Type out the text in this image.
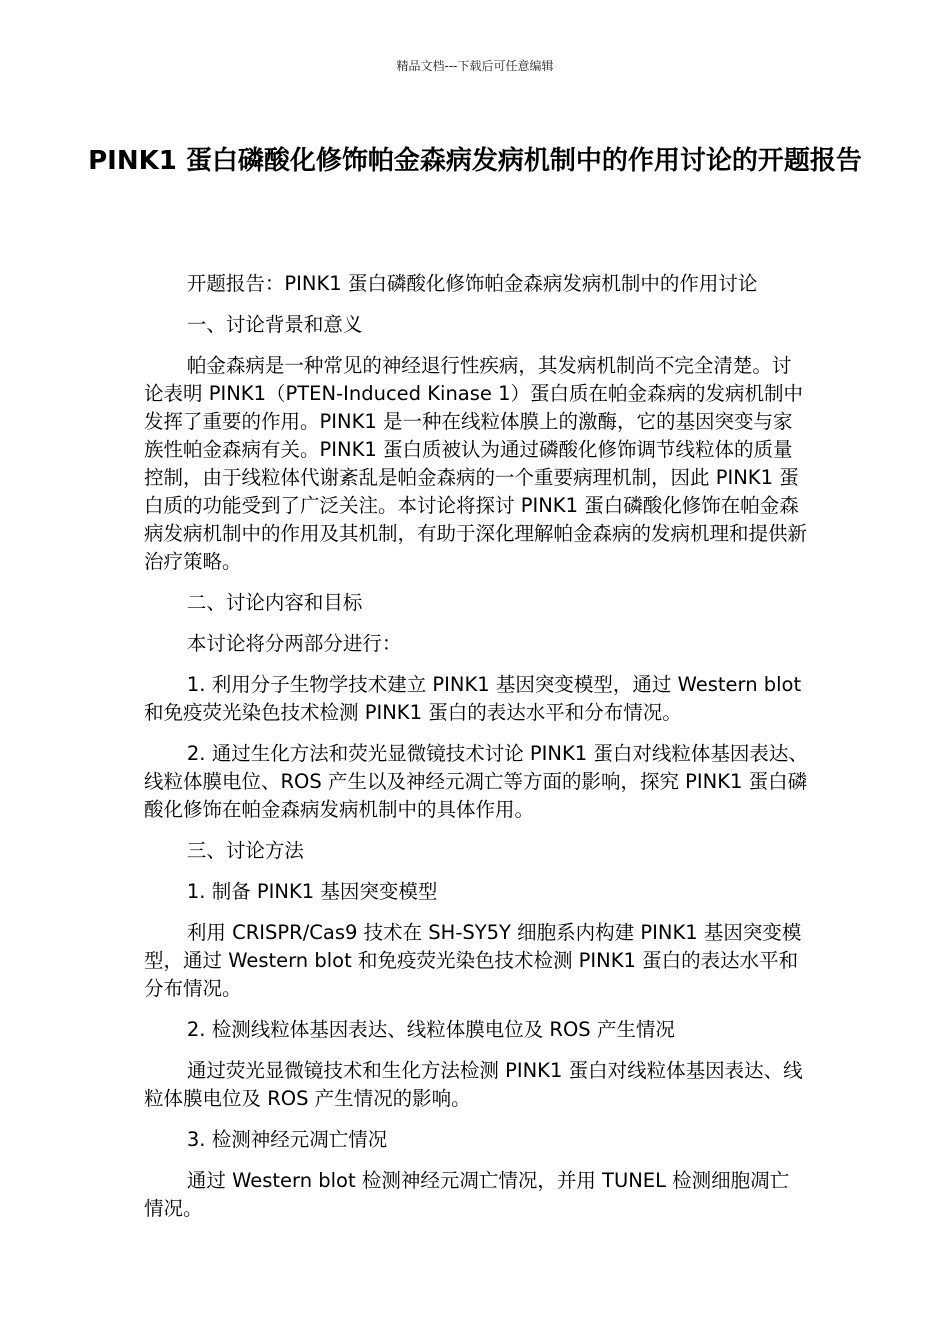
精品文档---下载后可任意编辑
PINK1 蛋白磷酸化修饰帕金森病发病机制中的作用讨论的开题报告

开题报告：PINK1 蛋白磷酸化修饰帕金森病发病机制中的作用讨论

一、讨论背景和意义

帕金森病是一种常见的神经退行性疾病，其发病机制尚不完全清楚。讨论表明 PINK1（PTEN-Induced Kinase 1）蛋白质在帕金森病的发病机制中发挥了重要的作用。PINK1 是一种在线粒体膜上的激酶，它的基因突变与家族性帕金森病有关。PINK1 蛋白质被认为通过磷酸化修饰调节线粒体的质量控制，由于线粒体代谢紊乱是帕金森病的一个重要病理机制，因此 PINK1 蛋白质的功能受到了广泛关注。本讨论将探讨 PINK1 蛋白磷酸化修饰在帕金森病发病机制中的作用及其机制，有助于深化理解帕金森病的发病机理和提供新治疗策略。

二、讨论内容和目标

本讨论将分两部分进行：

1. 利用分子生物学技术建立 PINK1 基因突变模型，通过 Western blot 和免疫荧光染色技术检测 PINK1 蛋白的表达水平和分布情况。

2. 通过生化方法和荧光显微镜技术讨论 PINK1 蛋白对线粒体基因表达、线粒体膜电位、ROS 产生以及神经元凋亡等方面的影响，探究 PINK1 蛋白磷酸化修饰在帕金森病发病机制中的具体作用。

三、讨论方法

1. 制备 PINK1 基因突变模型

利用 CRISPR/Cas9 技术在 SH-SY5Y 细胞系内构建 PINK1 基因突变模型，通过 Western blot 和免疫荧光染色技术检测 PINK1 蛋白的表达水平和分布情况。

2. 检测线粒体基因表达、线粒体膜电位及 ROS 产生情况

通过荧光显微镜技术和生化方法检测 PINK1 蛋白对线粒体基因表达、线粒体膜电位及 ROS 产生情况的影响。

3. 检测神经元凋亡情况

通过 Western blot 检测神经元凋亡情况，并用 TUNEL 检测细胞凋亡情况。
